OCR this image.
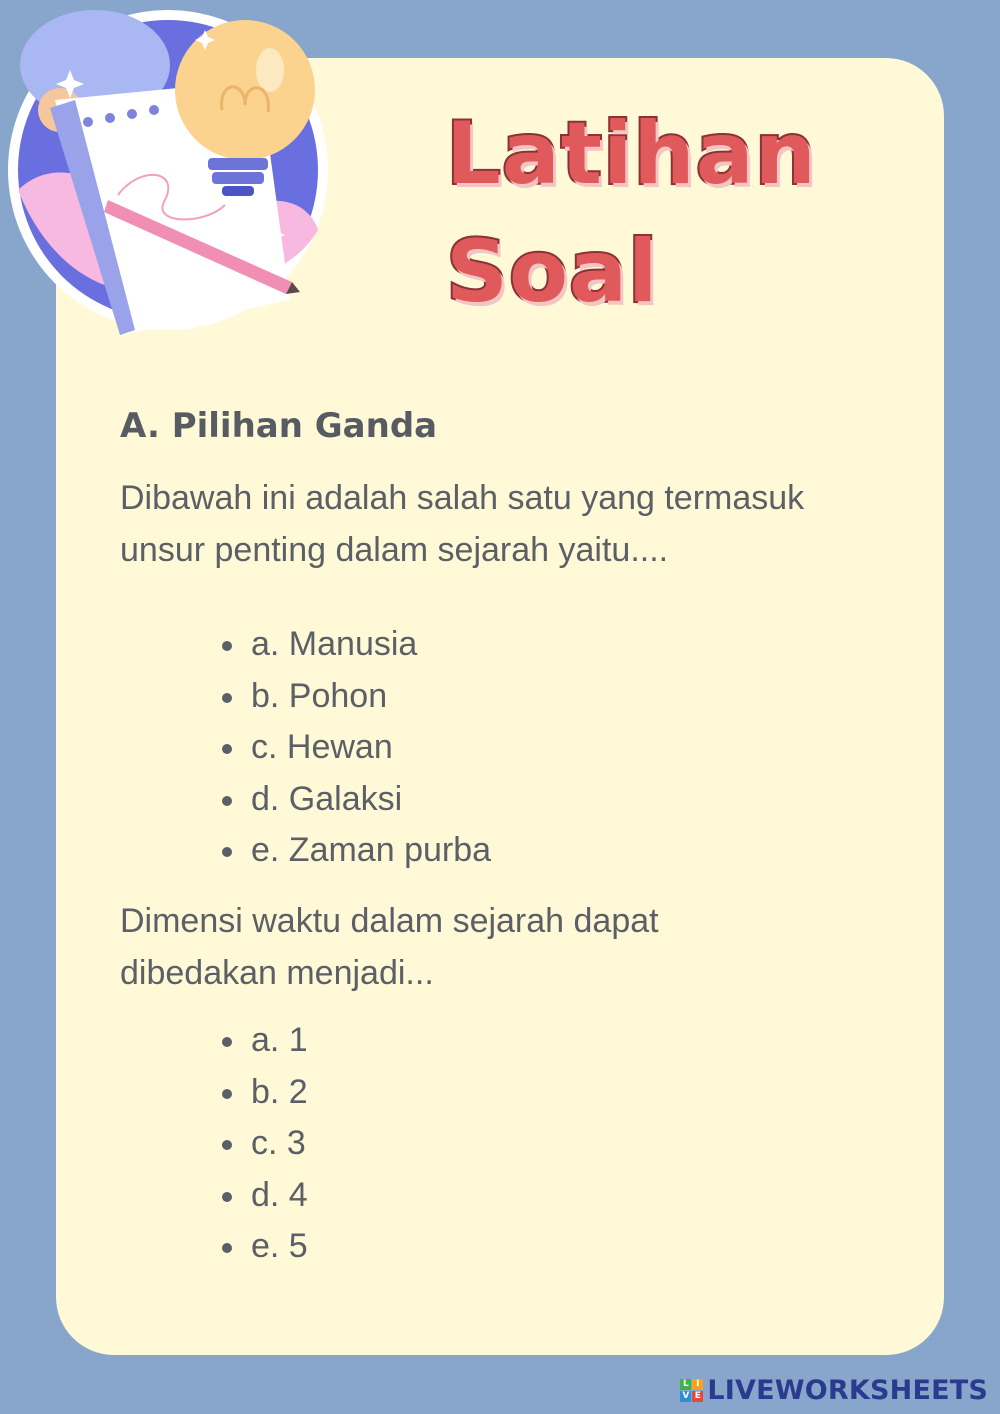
Latihan
Soal
A. Pilihan Ganda

Dibawah ini adalah salah satu yang termasuk unsur penting dalam sejarah yaitu....

a. Manusia
b. Pohon
c. Hewan
d. Galaksi
e. Zaman purba

Dimensi waktu dalam sejarah dapat dibedakan menjadi...

a. 1
b. 2
c. 3
d. 4
e. 5
L I
V E LIVEWORKSHEETS
